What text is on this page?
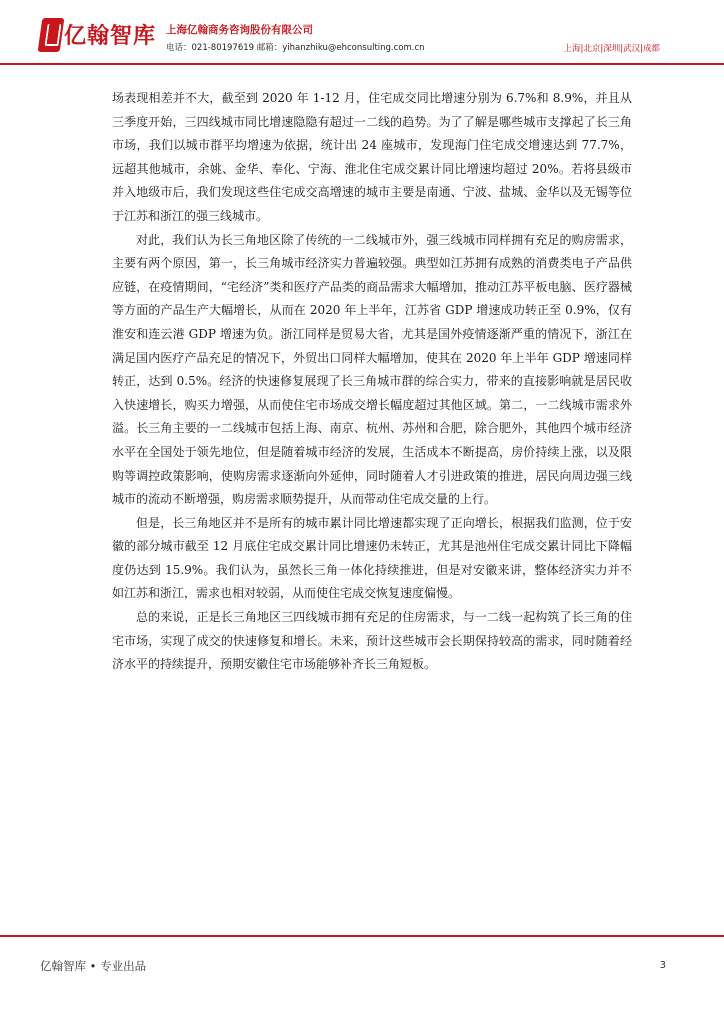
亿翰智库 上海亿翰商务咨询股份有限公司
电话：021-80197619 邮箱：yihanzhiku@ehconsulting.com.cn	上海|北京|深圳|武汉|成都

场表现相差并不大，截至到 2020 年 1-12 月，住宅成交同比增速分别为 6.7%和 8.9%，并且从三季度开始，三四线城市同比增速隐隐有超过一二线的趋势。为了了解是哪些城市支撑起了长三角市场，我们以城市群平均增速为依据，统计出 24 座城市，发现海门住宅成交增速达到 77.7%，远超其他城市，余姚、金华、奉化、宁海、淮北住宅成交累计同比增速均超过 20%。若将县级市并入地级市后，我们发现这些住宅成交高增速的城市主要是南通、宁波、盐城、金华以及无锡等位于江苏和浙江的强三线城市。

对此，我们认为长三角地区除了传统的一二线城市外，强三线城市同样拥有充足的购房需求，主要有两个原因，第一，长三角城市经济实力普遍较强。典型如江苏拥有成熟的消费类电子产品供应链，在疫情期间，“宅经济”类和医疗产品类的商品需求大幅增加，推动江苏平板电脑、医疗器械等方面的产品生产大幅增长，从而在 2020 年上半年，江苏省 GDP 增速成功转正至 0.9%，仅有淮安和连云港 GDP 增速为负。浙江同样是贸易大省，尤其是国外疫情逐渐严重的情况下，浙江在满足国内医疗产品充足的情况下，外贸出口同样大幅增加，使其在 2020 年上半年 GDP 增速同样转正，达到 0.5%。经济的快速修复展现了长三角城市群的综合实力，带来的直接影响就是居民收入快速增长，购买力增强，从而使住宅市场成交增长幅度超过其他区域。第二，一二线城市需求外溢。长三角主要的一二线城市包括上海、南京、杭州、苏州和合肥，除合肥外，其他四个城市经济水平在全国处于领先地位，但是随着城市经济的发展，生活成本不断提高，房价持续上涨，以及限购等调控政策影响，使购房需求逐渐向外延伸，同时随着人才引进政策的推进，居民向周边强三线城市的流动不断增强，购房需求顺势提升，从而带动住宅成交量的上行。

但是，长三角地区并不是所有的城市累计同比增速都实现了正向增长，根据我们监测，位于安徽的部分城市截至 12 月底住宅成交累计同比增速仍未转正，尤其是池州住宅成交累计同比下降幅度仍达到 15.9%。我们认为，虽然长三角一体化持续推进，但是对安徽来讲，整体经济实力并不如江苏和浙江，需求也相对较弱，从而使住宅成交恢复速度偏慢。

总的来说，正是长三角地区三四线城市拥有充足的住房需求，与一二线一起构筑了长三角的住宅市场，实现了成交的快速修复和增长。未来，预计这些城市会长期保持较高的需求，同时随着经济水平的持续提升，预期安徽住宅市场能够补齐长三角短板。

亿翰智库 • 专业出品	3
